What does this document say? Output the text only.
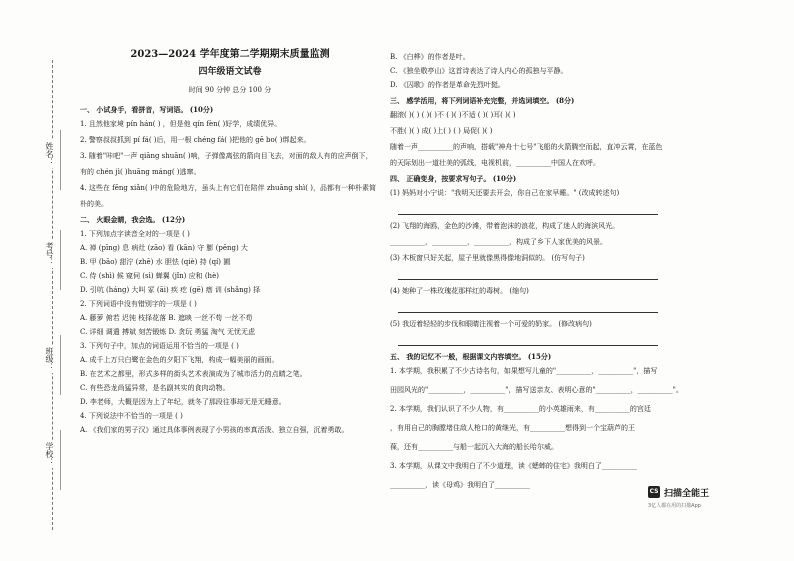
姓名：
考号：
班级：
学校：
2023—2024 学年度第二学期期末质量监测
四年级语文试卷
时间 90 分钟 总分 100 分
一、 小试身手，看拼音，写词语。 (10分)
1. 且然他家境 pín hán( ) ，但是他 qín fèn( )好学，成绩优异。
2. 警察叔叔抓到 pí fá( )后，用一根 chéng fá( )把他的 gē bo( )绑起来。
3. 随着"咔吧"一声 qiāng shuān( )响，子弹像离弦的箭向目飞去，对面的敌人有的应声倒下，
有的 chén jì( )huāng máng( )逃窜。
4. 这些在 fēng xiǎn( )中的危险地方，虽头上有它们在陪伴 zhuāng shì( )，品都有一种朴素简
朴的美。
二、 火眼金睛，我会选。 (12分)
1. 下列加点字读音全对的一项是 ( )
A. 禅 (pīng) 息 病灶 (zāo) 看 (kān) 守 膨 (pēng) 大
B. 甲 (bāo) 甜泞 (zhē) 水 胆怯 (qiè) 持 (qí) 圃
C. 侍 (shì) 候 窥伺 (sì) 蝉翼 (jǐn) 应和 (hè)
D. 引吭 (háng) 大叫 冢 (āi) 疾 疙 (gē) 瘩 训 (shǎng) 择
2. 下列词语中没有错别字的一项是 ( )
A. 藤萝 俯若 迟钝 枝择花落 B. 遮映 一丝不苟 一丝不苟
C. 详细 调遣 搏斌 刻苦锻炼 D. 贪玩 勇猛 淘气 无忧无虑
3. 下列句子中，加点的词语运用不恰当的一项是 ( )
A. 成千上万只白鹭在金色的夕阳下飞翔，构成一幅美丽的画面。
B. 在艺术之都里，形式多样的街头艺术表演成为了城市活力的点睛之笔。
C. 有些恐龙尚猛异常，是名副其实的食肉动物。
D. 李老师，大概是因为上了年纪，就冬了那段往事却无是无睡意。
4. 下列说法中不恰当的一项是 ( )
A. 《我们家的男子汉》通过具体事例表现了小男孩的率真活泼、独立自强，沉着勇敢。
B. 《白桦》的作者是叶。
C. 《独坐敬亭山》这首诗表达了诗人内心的孤独与平静。
D. 《囚歌》的作者是革命先烈叶挺。
三、 感学活用，将下列词语补充完整，并选词填空。 (8分)
翻滚( )( ) ( )( )不 ( )( )不适 ( )( )耳( )( )
不胜( )( ) 成( )上( ) ( ) 局促( )( )
随着一声__________的声响，搭载"神舟十七号"飞船的火箭腾空而起，直冲云霄，在蓝色
的天际划出一道壮美的弧线，电视机前，__________中国人在欢呼。
四、 正确变身，按要求写句子。 (10分)
(1) 妈妈对小宁说："我明天还要去开会，你自己在家早睡。" (改成转述句)
(2) 飞翔的海鸥，金色的沙滩，带着泡沫的浪花，构成了迷人的海滨风光。
__________，__________，__________，构成了乡下人家优美的风景。
(3) 木板窗只好关起，屋子里就像黑得像地洞似的。 (仿写句子)
(4) 她种了一株玫瑰花那样红的毒树。 (缩句)
(5) 我迈着轻轻的步伐和眼睛注视着一个可爱的奶家。 (修改病句)
五、 我的记忆不一般，根据课文内容填空。 (15分)
1. 本学期，我积累了不少古诗名句，如果想写儿童的"__________，__________"，描写
田园风光的"__________，__________"，描写送亲友、表明心意的"__________，__________"。
2. 本学期，我们认识了不少人物，有__________的小英雄雨来，有__________的宫廷
，有用自己的胸膛堵住敌人枪口的黄继光，有__________想得到一个宝葫芦的王
葆，还有__________与船一起沉入大海的船长哈尔威。
3. 本学期，从课文中我明白了不少道理，读《蟋蟀的住宅》我明白了__________
__________，读《母鸡》我明白了__________
CS 扫描全能王
3亿人都在用的扫描App
